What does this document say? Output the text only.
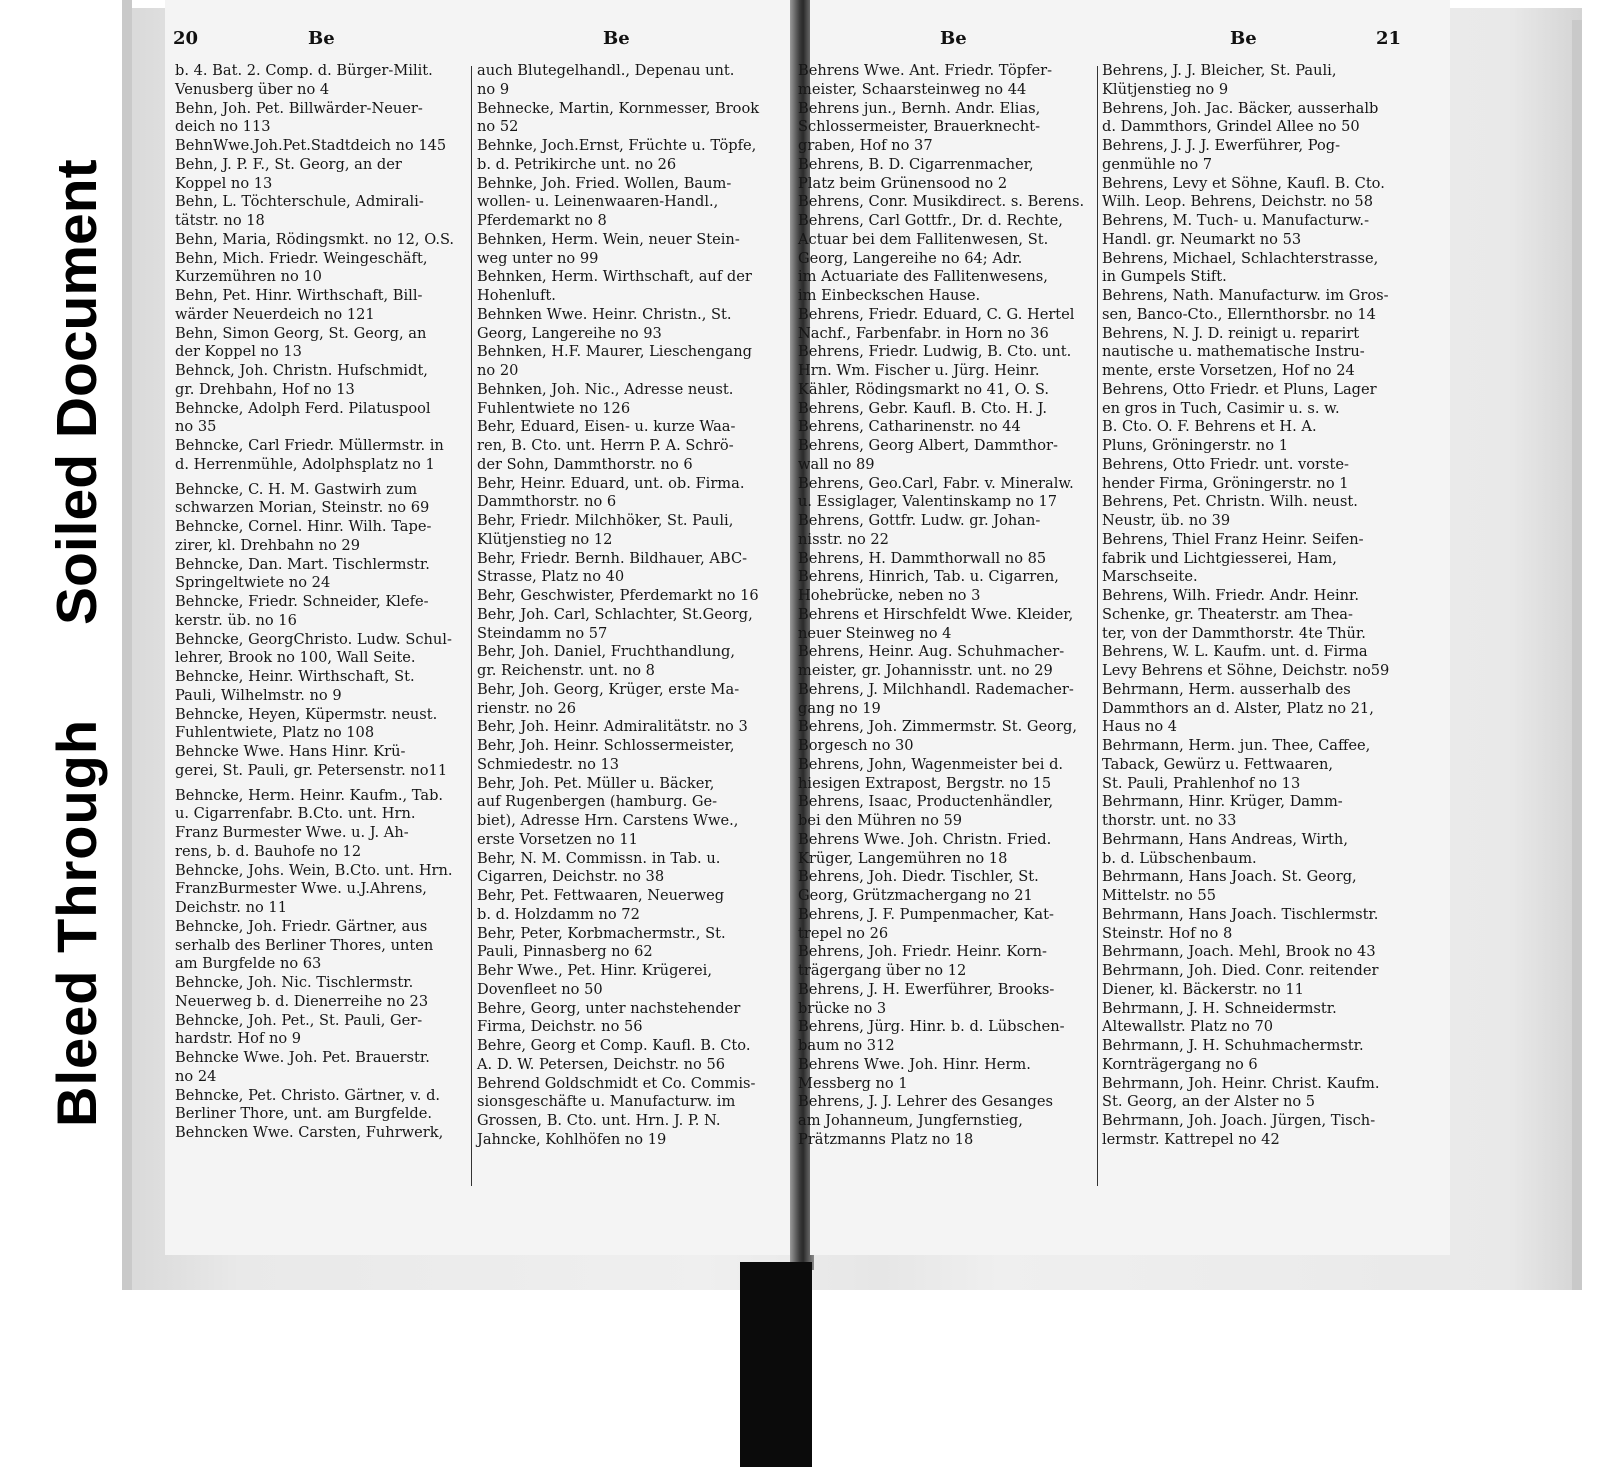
20	Be	Be
b. 4. Bat. 2. Comp. d. Bürger-Milit.
Venusberg über no 4
Behn, Joh. Pet. Billwärder-Neuer-
deich no 113
BehnWwe.Joh.Pet.Stadtdeich no 145
Behn, J. P. F., St. Georg, an der
Koppel no 13
Behn, L. Töchterschule, Admirali-
tätstr. no 18
Behn, Maria, Rödingsmkt. no 12, O.S.
Behn, Mich. Friedr. Weingeschäft,
Kurzemühren no 10
Behn, Pet. Hinr. Wirthschaft, Bill-
wärder Neuerdeich no 121
Behn, Simon Georg, St. Georg, an
der Koppel no 13
Behnck, Joh. Christn. Hufschmidt,
gr. Drehbahn, Hof no 13
Behncke, Adolph Ferd. Pilatuspool
no 35
Behncke, Carl Friedr. Müllermstr. in
d. Herrenmühle, Adolphsplatz no 1
Behncke, C. H. M. Gastwirh zum
schwarzen Morian, Steinstr. no 69
Behncke, Cornel. Hinr. Wilh. Tape-
zirer, kl. Drehbahn no 29
Behncke, Dan. Mart. Tischlermstr.
Springeltwiete no 24
Behncke, Friedr. Schneider, Klefe-
kerstr. üb. no 16
Behncke, GeorgChristo. Ludw. Schul-
lehrer, Brook no 100, Wall Seite.
Behncke, Heinr. Wirthschaft, St.
Pauli, Wilhelmstr. no 9
Behncke, Heyen, Küpermstr. neust.
Fuhlentwiete, Platz no 108
Behncke Wwe. Hans Hinr. Krü-
gerei, St. Pauli, gr. Petersenstr. no11
Behncke, Herm. Heinr. Kaufm., Tab.
u. Cigarrenfabr. B.Cto. unt. Hrn.
Franz Burmester Wwe. u. J. Ah-
rens, b. d. Bauhofe no 12
Behncke, Johs. Wein, B.Cto. unt. Hrn.
FranzBurmester Wwe. u.J.Ahrens,
Deichstr. no 11
Behncke, Joh. Friedr. Gärtner, aus
serhalb des Berliner Thores, unten
am Burgfelde no 63
Behncke, Joh. Nic. Tischlermstr.
Neuerweg b. d. Dienerreihe no 23
Behncke, Joh. Pet., St. Pauli, Ger-
hardstr. Hof no 9
Behncke Wwe. Joh. Pet. Brauerstr.
no 24
Behncke, Pet. Christo. Gärtner, v. d.
Berliner Thore, unt. am Burgfelde.
Behncken Wwe. Carsten, Fuhrwerk,
auch Blutegelhandl., Depenau unt.
no 9
Behnecke, Martin, Kornmesser, Brook
no 52
Behnke, Joch.Ernst, Früchte u. Töpfe,
b. d. Petrikirche unt. no 26
Behnke, Joh. Fried. Wollen, Baum-
wollen- u. Leinenwaaren-Handl.,
Pferdemarkt no 8
Behnken, Herm. Wein, neuer Stein-
weg unter no 99
Behnken, Herm. Wirthschaft, auf der
Hohenluft.
Behnken Wwe. Heinr. Christn., St.
Georg, Langereihe no 93
Behnken, H.F. Maurer, Lieschengang
no 20
Behnken, Joh. Nic., Adresse neust.
Fuhlentwiete no 126
Behr, Eduard, Eisen- u. kurze Waa-
ren, B. Cto. unt. Herrn P. A. Schrö-
der Sohn, Dammthorstr. no 6
Behr, Heinr. Eduard, unt. ob. Firma.
Dammthorstr. no 6
Behr, Friedr. Milchhöker, St. Pauli,
Klütjenstieg no 12
Behr, Friedr. Bernh. Bildhauer, ABC-
Strasse, Platz no 40
Behr, Geschwister, Pferdemarkt no 16
Behr, Joh. Carl, Schlachter, St.Georg,
Steindamm no 57
Behr, Joh. Daniel, Fruchthandlung,
gr. Reichenstr. unt. no 8
Behr, Joh. Georg, Krüger, erste Ma-
rienstr. no 26
Behr, Joh. Heinr. Admiralitätstr. no 3
Behr, Joh. Heinr. Schlossermeister,
Schmiedestr. no 13
Behr, Joh. Pet. Müller u. Bäcker,
auf Rugenbergen (hamburg. Ge-
biet), Adresse Hrn. Carstens Wwe.,
erste Vorsetzen no 11
Behr, N. M. Commissn. in Tab. u.
Cigarren, Deichstr. no 38
Behr, Pet. Fettwaaren, Neuerweg
b. d. Holzdamm no 72
Behr, Peter, Korbmachermstr., St.
Pauli, Pinnasberg no 62
Behr Wwe., Pet. Hinr. Krügerei,
Dovenfleet no 50
Behre, Georg, unter nachstehender
Firma, Deichstr. no 56
Behre, Georg et Comp. Kaufl. B. Cto.
A. D. W. Petersen, Deichstr. no 56
Behrend Goldschmidt et Co. Commis-
sionsgeschäfte u. Manufacturw. im
Grossen, B. Cto. unt. Hrn. J. P. N.
Jahncke, Kohlhöfen no 19
Be	Be	21
Behrens Wwe. Ant. Friedr. Töpfer-
meister, Schaarsteinweg no 44
Behrens jun., Bernh. Andr. Elias,
Schlossermeister, Brauerknecht-
graben, Hof no 37
Behrens, B. D. Cigarrenmacher,
Platz beim Grünensood no 2
Behrens, Conr. Musikdirect. s. Berens.
Behrens, Carl Gottfr., Dr. d. Rechte,
Actuar bei dem Fallitenwesen, St.
Georg, Langereihe no 64; Adr.
im Actuariate des Fallitenwesens,
im Einbeckschen Hause.
Behrens, Friedr. Eduard, C. G. Hertel
Nachf., Farbenfabr. in Horn no 36
Behrens, Friedr. Ludwig, B. Cto. unt.
Hrn. Wm. Fischer u. Jürg. Heinr.
Kähler, Rödingsmarkt no 41, O. S.
Behrens, Gebr. Kaufl. B. Cto. H. J.
Behrens, Catharinenstr. no 44
Behrens, Georg Albert, Dammthor-
wall no 89
Behrens, Geo.Carl, Fabr. v. Mineralw.
u. Essiglager, Valentinskamp no 17
Behrens, Gottfr. Ludw. gr. Johan-
nisstr. no 22
Behrens, H. Dammthorwall no 85
Behrens, Hinrich, Tab. u. Cigarren,
Hohebrücke, neben no 3
Behrens et Hirschfeldt Wwe. Kleider,
neuer Steinweg no 4
Behrens, Heinr. Aug. Schuhmacher-
meister, gr. Johannisstr. unt. no 29
Behrens, J. Milchhandl. Rademacher-
gang no 19
Behrens, Joh. Zimmermstr. St. Georg,
Borgesch no 30
Behrens, John, Wagenmeister bei d.
hiesigen Extrapost, Bergstr. no 15
Behrens, Isaac, Productenhändler,
bei den Mühren no 59
Behrens Wwe. Joh. Christn. Fried.
Krüger, Langemühren no 18
Behrens, Joh. Diedr. Tischler, St.
Georg, Grützmachergang no 21
Behrens, J. F. Pumpenmacher, Kat-
trepel no 26
Behrens, Joh. Friedr. Heinr. Korn-
trägergang über no 12
Behrens, J. H. Ewerführer, Brooks-
brücke no 3
Behrens, Jürg. Hinr. b. d. Lübschen-
baum no 312
Behrens Wwe. Joh. Hinr. Herm.
Messberg no 1
Behrens, J. J. Lehrer des Gesanges
am Johanneum, Jungfernstieg,
Prätzmanns Platz no 18
Behrens, J. J. Bleicher, St. Pauli,
Klütjenstieg no 9
Behrens, Joh. Jac. Bäcker, ausserhalb
d. Dammthors, Grindel Allee no 50
Behrens, J. J. J. Ewerführer, Pog-
genmühle no 7
Behrens, Levy et Söhne, Kaufl. B. Cto.
Wilh. Leop. Behrens, Deichstr. no 58
Behrens, M. Tuch- u. Manufacturw.-
Handl. gr. Neumarkt no 53
Behrens, Michael, Schlachterstrasse,
in Gumpels Stift.
Behrens, Nath. Manufacturw. im Gros-
sen, Banco-Cto., Ellernthorsbr. no 14
Behrens, N. J. D. reinigt u. reparirt
nautische u. mathematische Instru-
mente, erste Vorsetzen, Hof no 24
Behrens, Otto Friedr. et Pluns, Lager
en gros in Tuch, Casimir u. s. w.
B. Cto. O. F. Behrens et H. A.
Pluns, Gröningerstr. no 1
Behrens, Otto Friedr. unt. vorste-
hender Firma, Gröningerstr. no 1
Behrens, Pet. Christn. Wilh. neust.
Neustr, üb. no 39
Behrens, Thiel Franz Heinr. Seifen-
fabrik und Lichtgiesserei, Ham,
Marschseite.
Behrens, Wilh. Friedr. Andr. Heinr.
Schenke, gr. Theaterstr. am Thea-
ter, von der Dammthorstr. 4te Thür.
Behrens, W. L. Kaufm. unt. d. Firma
Levy Behrens et Söhne, Deichstr. no59
Behrmann, Herm. ausserhalb des
Dammthors an d. Alster, Platz no 21,
Haus no 4
Behrmann, Herm. jun. Thee, Caffee,
Taback, Gewürz u. Fettwaaren,
St. Pauli, Prahlenhof no 13
Behrmann, Hinr. Krüger, Damm-
thorstr. unt. no 33
Behrmann, Hans Andreas, Wirth,
b. d. Lübschenbaum.
Behrmann, Hans Joach. St. Georg,
Mittelstr. no 55
Behrmann, Hans Joach. Tischlermstr.
Steinstr. Hof no 8
Behrmann, Joach. Mehl, Brook no 43
Behrmann, Joh. Died. Conr. reitender
Diener, kl. Bäckerstr. no 11
Behrmann, J. H. Schneidermstr.
Altewallstr. Platz no 70
Behrmann, J. H. Schuhmachermstr.
Kornträgergang no 6
Behrmann, Joh. Heinr. Christ. Kaufm.
St. Georg, an der Alster no 5
Behrmann, Joh. Joach. Jürgen, Tisch-
lermstr. Kattrepel no 42
Soiled Document
Bleed Through
